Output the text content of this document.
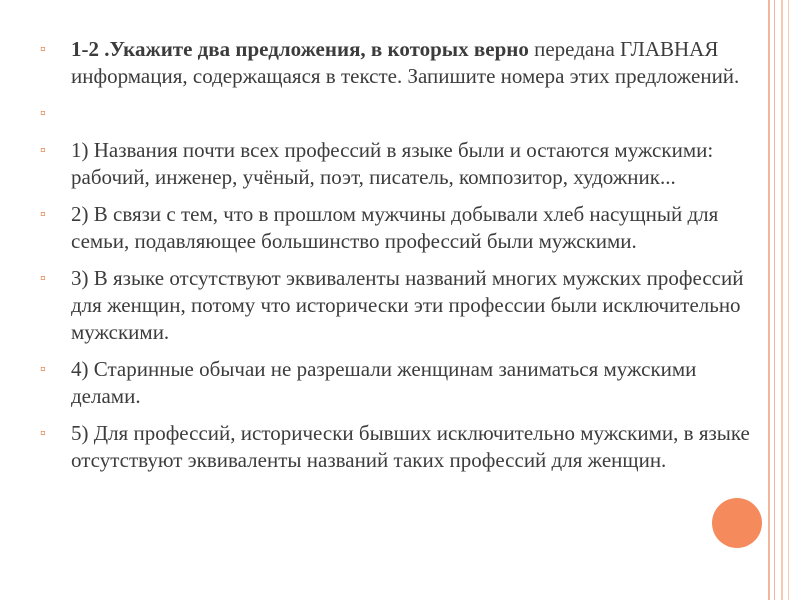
▫ 1-2 .Укажите два предложения, в которых верно передана ГЛАВНАЯ информация, содержащаяся в тексте. Запишите номера этих предложений.
▫
▫ 1) Названия почти всех профессий в языке были и остаются мужскими: рабочий, инженер, учёный, поэт, писатель, композитор, художник...
▫ 2) В связи с тем, что в прошлом мужчины добывали хлеб насущный для семьи, подавляющее большинство профессий были мужскими.
▫ 3) В языке отсутствуют эквиваленты названий многих мужских профессий для женщин, потому что исторически эти профессии были исключительно мужскими.
▫ 4) Старинные обычаи не разрешали женщинам заниматься мужскими делами.
▫ 5) Для профессий, исторически бывших исключительно мужскими, в языке отсутствуют эквиваленты названий таких профессий для женщин.
